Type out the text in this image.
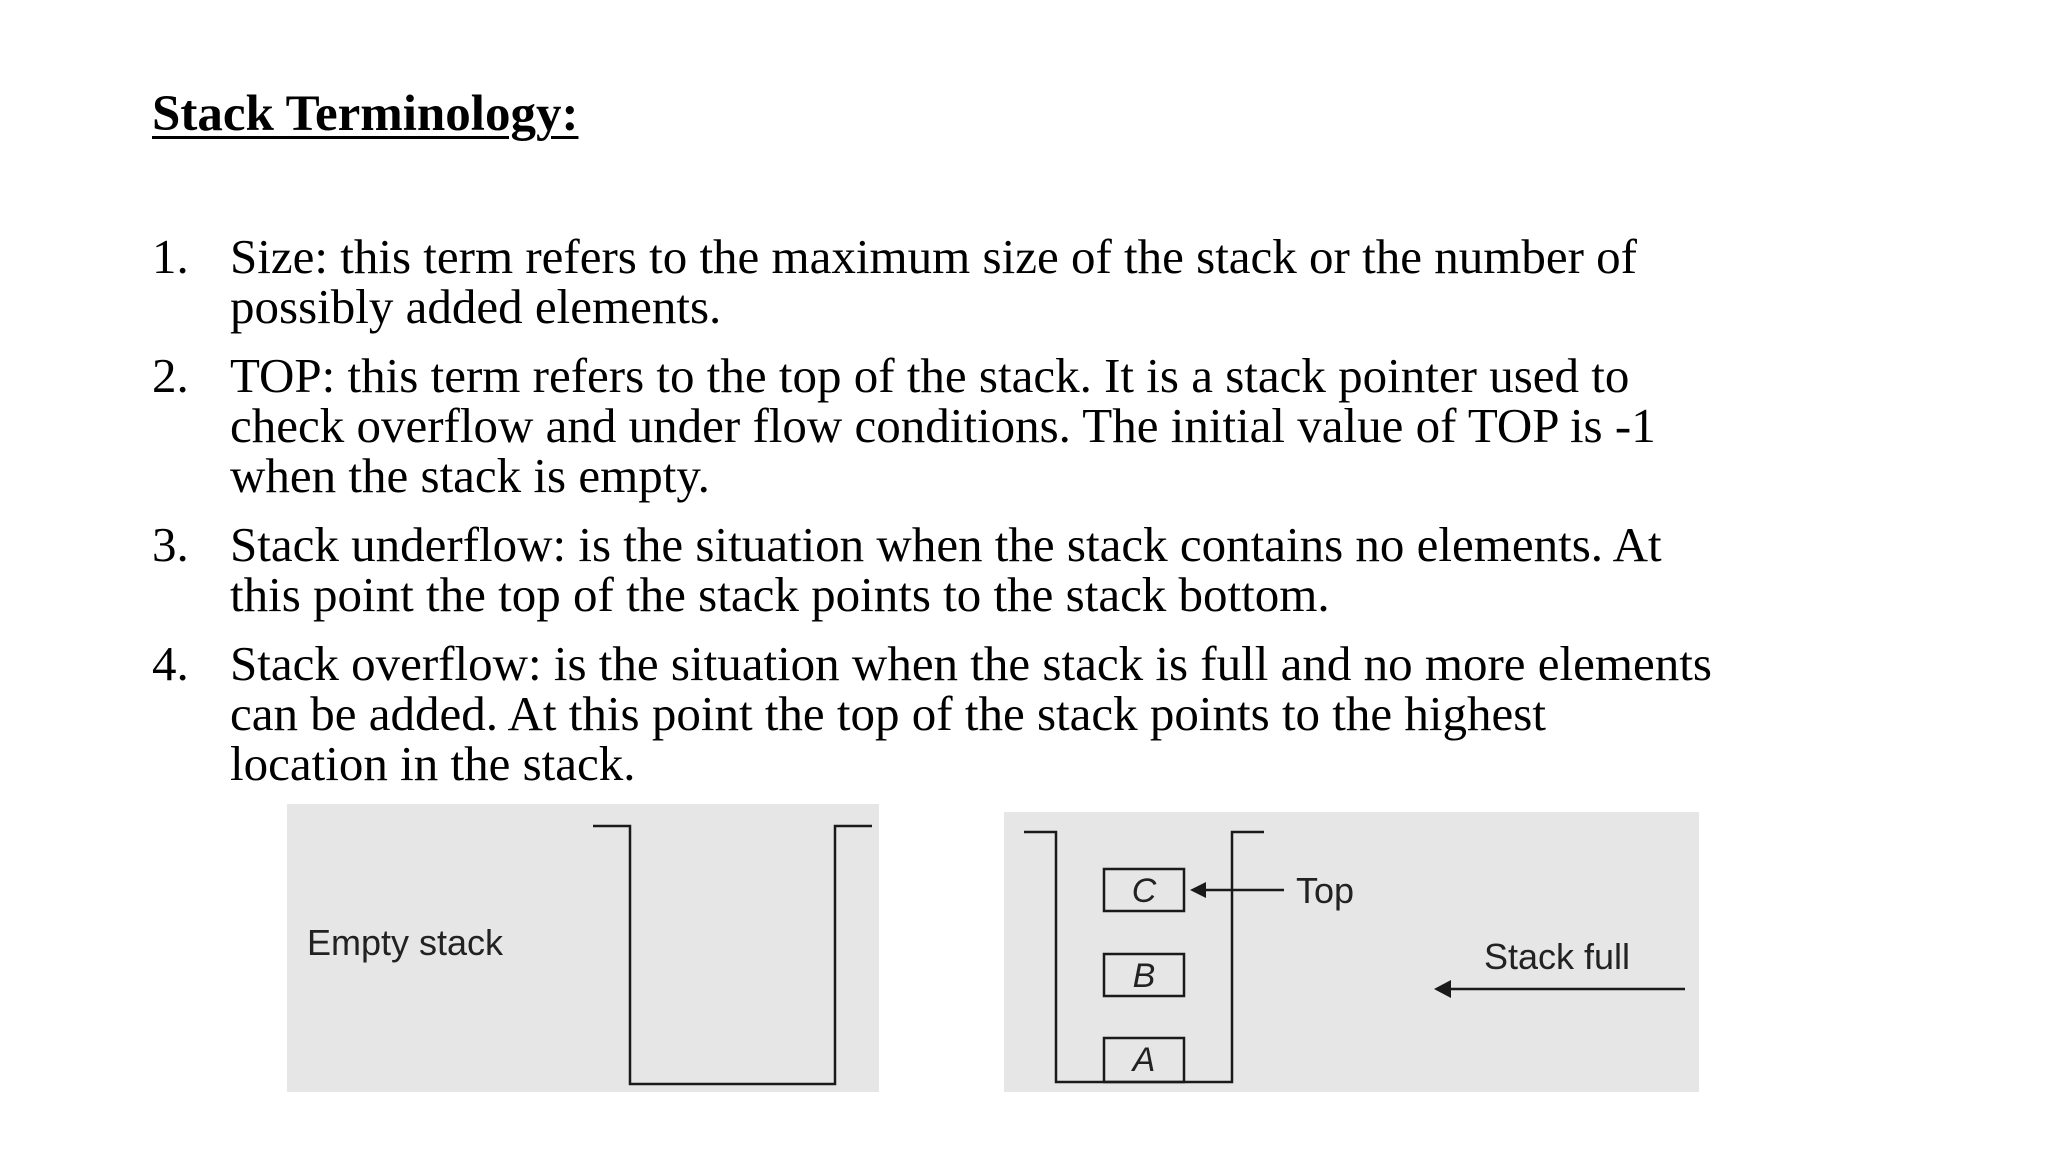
Stack Terminology:
1. Size: this term refers to the maximum size of the stack or the number of possibly added elements.
2. TOP: this term refers to the top of the stack. It is a stack pointer used to check overflow and under flow conditions. The initial value of TOP is -1 when the stack is empty.
3. Stack underflow: is the situation when the stack contains no elements. At this point the top of the stack points to the stack bottom.
4. Stack overflow: is the situation when the stack is full and no more elements can be added. At this point the top of the stack points to the highest location in the stack.
Empty stack
C
B
A
Top
Stack full
